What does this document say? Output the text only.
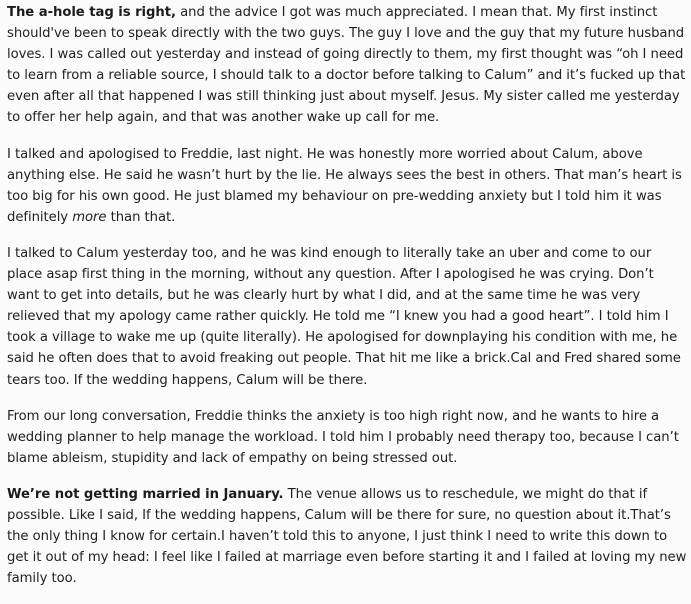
The a-hole tag is right, and the advice I got was much appreciated. I mean that. My first instinct should've been to speak directly with the two guys. The guy I love and the guy that my future husband loves. I was called out yesterday and instead of going directly to them, my first thought was “oh I need to learn from a reliable source, I should talk to a doctor before talking to Calum” and it’s fucked up that even after all that happened I was still thinking just about myself. Jesus. My sister called me yesterday to offer her help again, and that was another wake up call for me.

I talked and apologised to Freddie, last night. He was honestly more worried about Calum, above anything else. He said he wasn’t hurt by the lie. He always sees the best in others. That man’s heart is too big for his own good. He just blamed my behaviour on pre-wedding anxiety but I told him it was definitely more than that.

I talked to Calum yesterday too, and he was kind enough to literally take an uber and come to our place asap first thing in the morning, without any question. After I apologised he was crying. Don’t want to get into details, but he was clearly hurt by what I did, and at the same time he was very relieved that my apology came rather quickly. He told me “I knew you had a good heart”. I told him I took a village to wake me up (quite literally). He apologised for downplaying his condition with me, he said he often does that to avoid freaking out people. That hit me like a brick.Cal and Fred shared some tears too. If the wedding happens, Calum will be there.

From our long conversation, Freddie thinks the anxiety is too high right now, and he wants to hire a wedding planner to help manage the workload. I told him I probably need therapy too, because I can’t blame ableism, stupidity and lack of empathy on being stressed out.

We’re not getting married in January. The venue allows us to reschedule, we might do that if possible. Like I said, If the wedding happens, Calum will be there for sure, no question about it.That’s the only thing I know for certain.I haven’t told this to anyone, I just think I need to write this down to get it out of my head: I feel like I failed at marriage even before starting it and I failed at loving my new family too.
